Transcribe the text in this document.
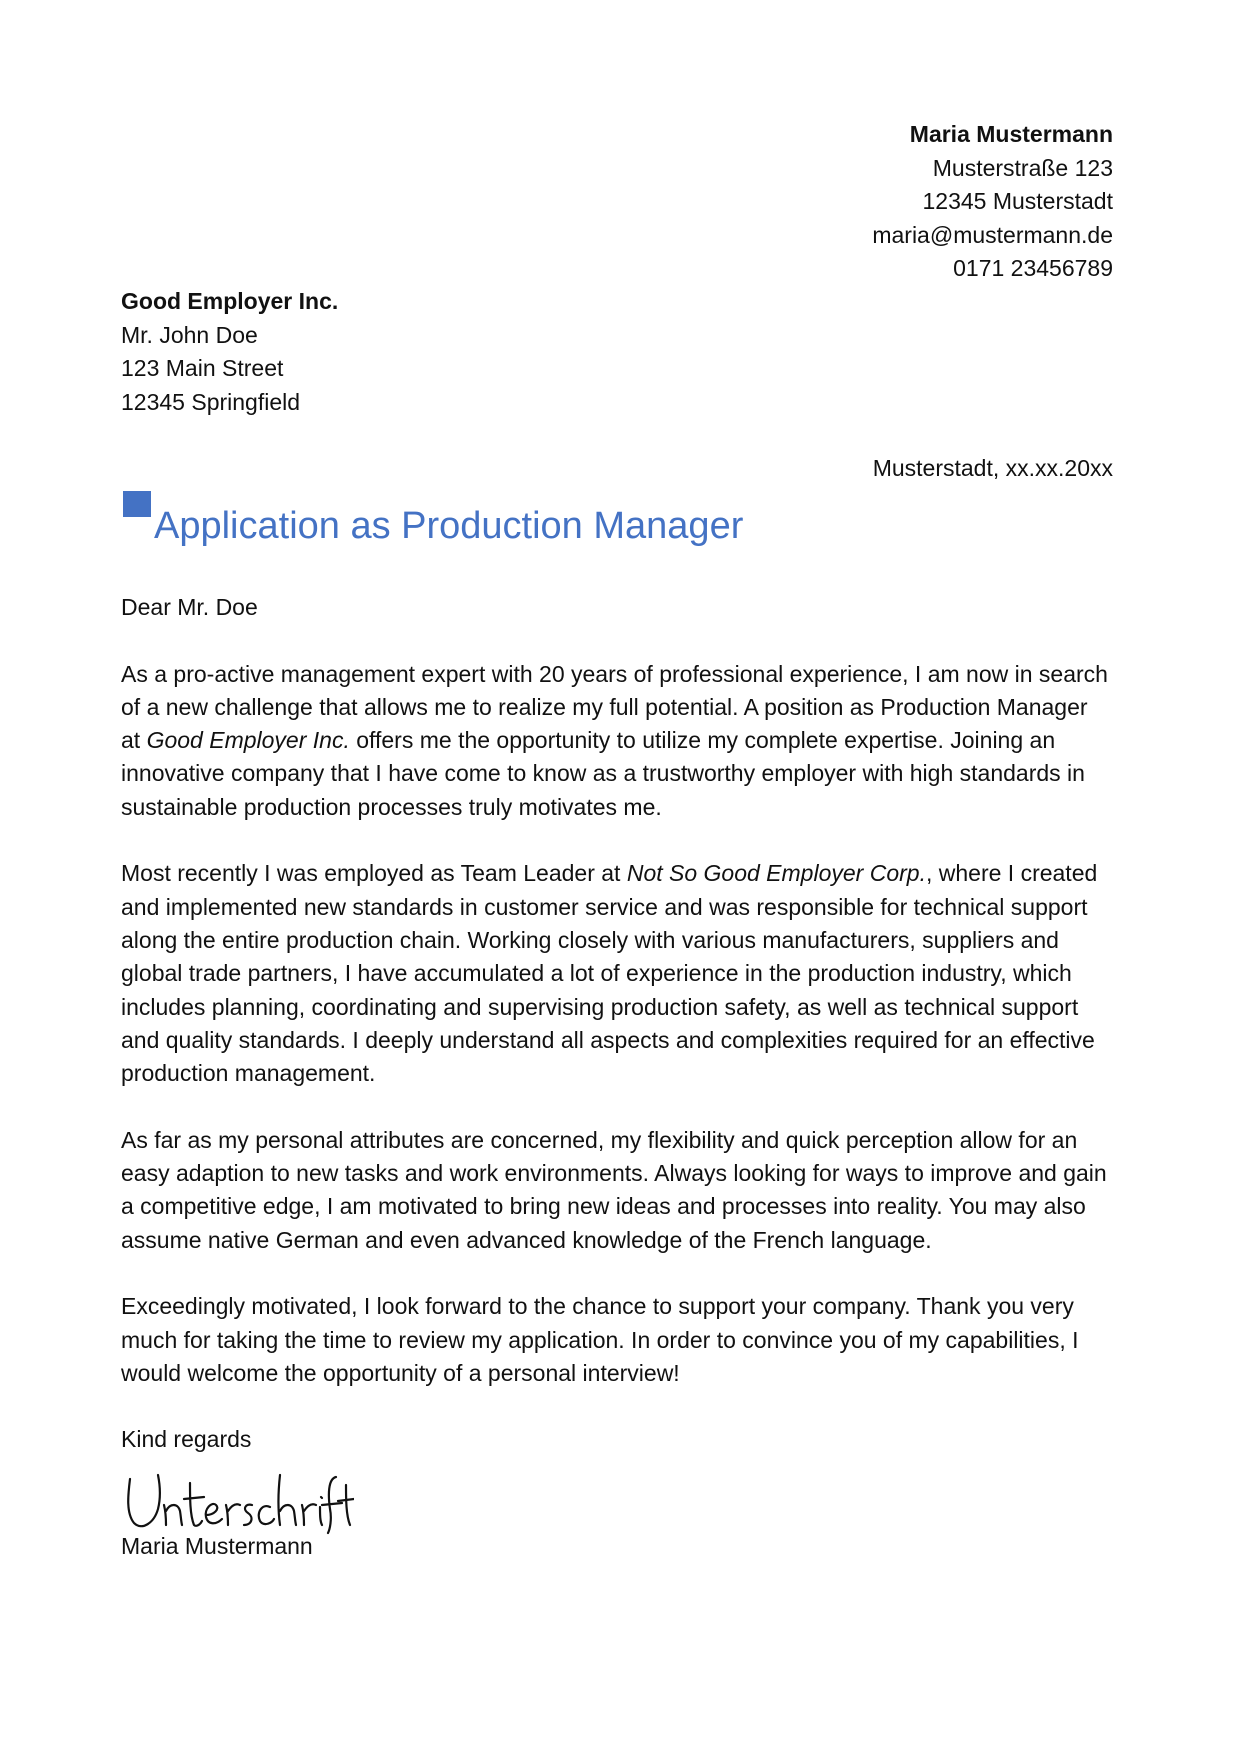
Maria Mustermann
Musterstraße 123
12345 Musterstadt
maria@mustermann.de
0171 23456789
Good Employer Inc.
Mr. John Doe
123 Main Street
12345 Springfield
Musterstadt, xx.xx.20xx
Application as Production Manager

Dear Mr. Doe

As a pro-active management expert with 20 years of professional experience, I am now in search of a new challenge that allows me to realize my full potential. A position as Production Manager at Good Employer Inc. offers me the opportunity to utilize my complete expertise. Joining an innovative company that I have come to know as a trustworthy employer with high standards in sustainable production processes truly motivates me.

Most recently I was employed as Team Leader at Not So Good Employer Corp., where I created and implemented new standards in customer service and was responsible for technical support along the entire production chain. Working closely with various manufacturers, suppliers and global trade partners, I have accumulated a lot of experience in the production industry, which includes planning, coordinating and supervising production safety, as well as technical support and quality standards. I deeply understand all aspects and complexities required for an effective production management.

As far as my personal attributes are concerned, my flexibility and quick perception allow for an easy adaption to new tasks and work environments. Always looking for ways to improve and gain a competitive edge, I am motivated to bring new ideas and processes into reality. You may also assume native German and even advanced knowledge of the French language.

Exceedingly motivated, I look forward to the chance to support your company. Thank you very much for taking the time to review my application. In order to convince you of my capabilities, I would welcome the opportunity of a personal interview!

Kind regards
Maria Mustermann
